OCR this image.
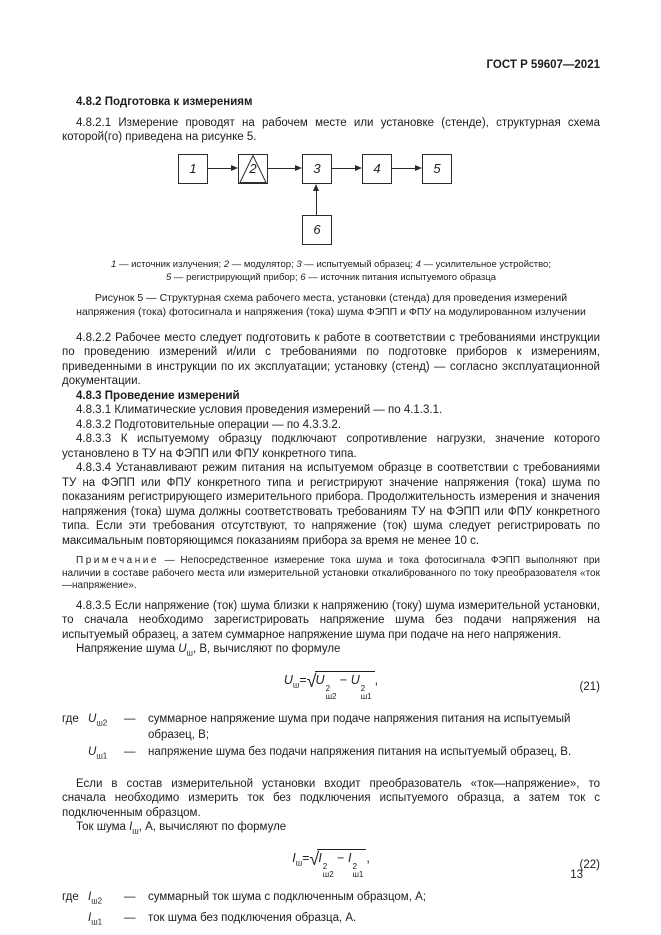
ГОСТ Р 59607—2021
4.8.2 Подготовка к измерениям

4.8.2.1 Измерение проводят на рабочем месте или установке (стенде), структурная схема которой(го) приведена на рисунке 5.

1	2	3	4	5
6
1 — источник излучения; 2 — модулятор; 3 — испытуемый образец; 4 — усилительное устройство;
5 — регистрирующий прибор; 6 — источник питания испытуемого образца
Рисунок 5 — Структурная схема рабочего места, установки (стенда) для проведения измерений напряжения (тока) фотосигнала и напряжения (тока) шума ФЭПП и ФПУ на модулированном излучении

4.8.2.2 Рабочее место следует подготовить к работе в соответствии с требованиями инструкции по проведению измерений и/или с требованиями по подготовке приборов к измерениям, приведенными в инструкции по их эксплуатации; установку (стенд) — согласно эксплуатационной документации.

4.8.3 Проведение измерений

4.8.3.1 Климатические условия проведения измерений — по 4.1.3.1.

4.8.3.2 Подготовительные операции — по 4.3.3.2.

4.8.3.3 К испытуемому образцу подключают сопротивление нагрузки, значение которого установлено в ТУ на ФЭПП или ФПУ конкретного типа.

4.8.3.4 Устанавливают режим питания на испытуемом образце в соответствии с требованиями ТУ на ФЭПП или ФПУ конкретного типа и регистрируют значение напряжения (тока) шума по показаниям регистрирующего измерительного прибора. Продолжительность измерения и значения напряжения (тока) шума должны соответствовать требованиям ТУ на ФЭПП или ФПУ конкретного типа. Если эти требования отсутствуют, то напряжение (ток) шума следует регистрировать по максимальным повторяющимся показаниям прибора за время не менее 10 с.

Примечание — Непосредственное измерение тока шума и тока фотосигнала ФЭПП выполняют при наличии в составе рабочего места или измерительной установки откалиброванного по току преобразователя «ток—напряжение».

4.8.3.5 Если напряжение (ток) шума близки к напряжению (току) шума измерительной установки, то сначала необходимо зарегистрировать напряжение шума без подачи напряжения на испытуемый образец, а затем суммарное напряжение шума при подаче на него напряжения.

Напряжение шума $U_ш$, В, вычисляют по формуле

$U_ш=√U$
2
ш2
− U
2
ш1
,	(21)
где $U_{ш2}$	—	суммарное напряжение шума при подаче напряжения питания на испытуемый образец, В;
$U_{ш1}$	—	напряжение шума без подачи напряжения питания на испытуемый образец, В.

Если в состав измерительной установки входит преобразователь «ток—напряжение», то сначала необходимо измерить ток без подключения испытуемого образца, а затем ток с подключенным образцом.

Ток шума $I_ш$, А, вычисляют по формуле

$I_ш=√I$
2
ш2
− I
2
ш1
,	(22)
где $I_{ш2}$	—	суммарный ток шума с подключенным образцом, А;
$I_{ш1}$	—	ток шума без подключения образца, А.
13
